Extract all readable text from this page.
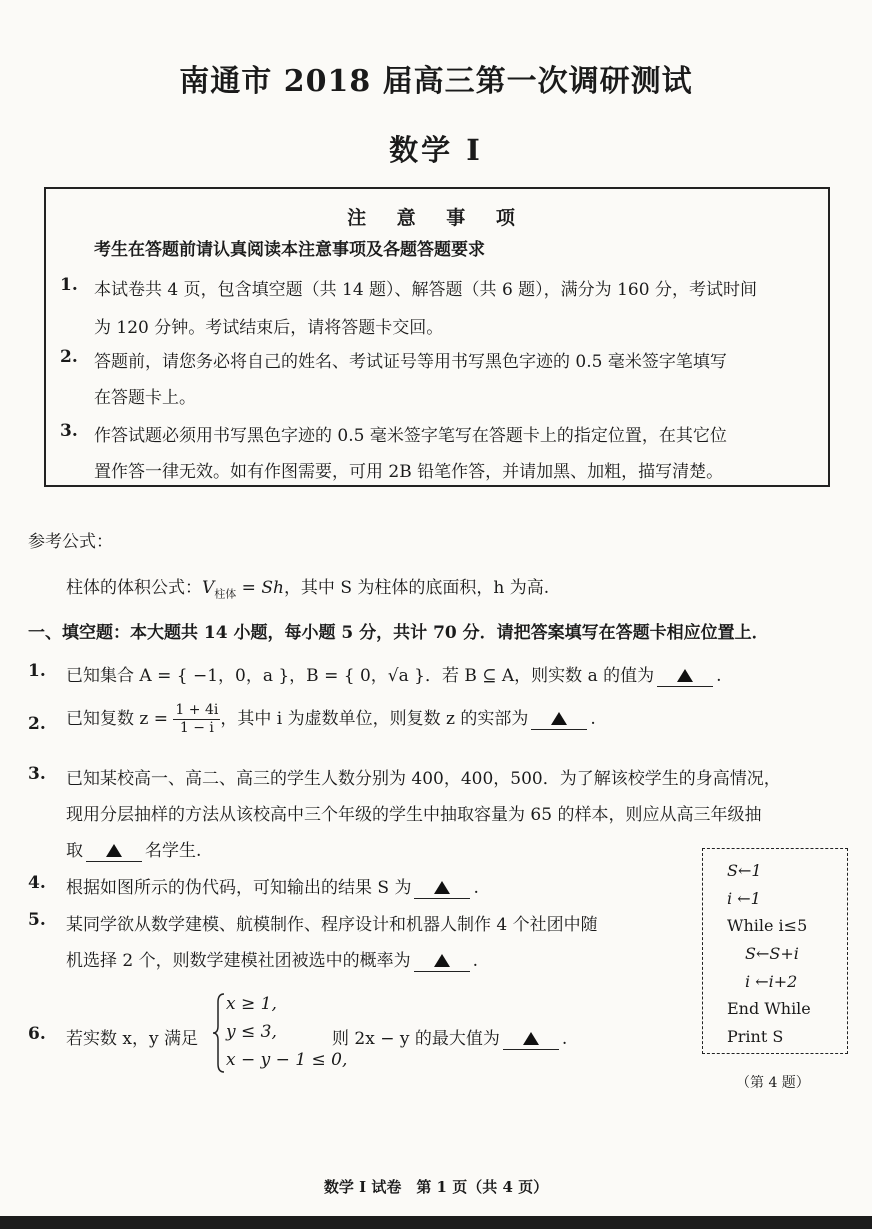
南通市 2018 届高三第一次调研测试
数学 I
注 意 事 项
考生在答题前请认真阅读本注意事项及各题答题要求
1. 本试卷共 4 页，包含填空题（共 14 题）、解答题（共 6 题），满分为 160 分，考试时间
为 120 分钟。考试结束后，请将答题卡交回。
2. 答题前，请您务必将自己的姓名、考试证号等用书写黑色字迹的 0.5 毫米签字笔填写
在答题卡上。
3. 作答试题必须用书写黑色字迹的 0.5 毫米签字笔写在答题卡上的指定位置，在其它位
置作答一律无效。如有作图需要，可用 2B 铅笔作答，并请加黑、加粗，描写清楚。
参考公式：
柱体的体积公式：$V_{柱体} = Sh$，其中 S 为柱体的底面积，h 为高.
一、填空题：本大题共 14 小题，每小题 5 分，共计 70 分．请把答案填写在答题卡相应位置上．
1. 已知集合 A = { −1，0，a }，B = { 0，√a }．若 B ⊆ A，则实数 a 的值为	.
2. 已知复数 $z = \frac{1 + 4i}{1 - i}$ ，其中 i 为虚数单位，则复数 z 的实部为	.
3. 已知某校高一、高二、高三的学生人数分别为 400，400，500．为了解该校学生的身高情况，
现用分层抽样的方法从该校高中三个年级的学生中抽取容量为 65 的样本，则应从高三年级抽
取	名学生.
4. 根据如图所示的伪代码，可知输出的结果 S 为	.
5. 某同学欲从数学建模、航模制作、程序设计和机器人制作 4 个社团中随
机选择 2 个，则数学建模社团被选中的概率为	.
6. 若实数 x，y 满足
x ≥ 1,
y ≤ 3,
x − y − 1 ≤ 0,
则 2x − y 的最大值为	.
S←1
i ←1
While i≤5
S←S+i
i ←i+2
End While
Print S
（第 4 题）
数学 I 试卷　第 1 页（共 4 页）
